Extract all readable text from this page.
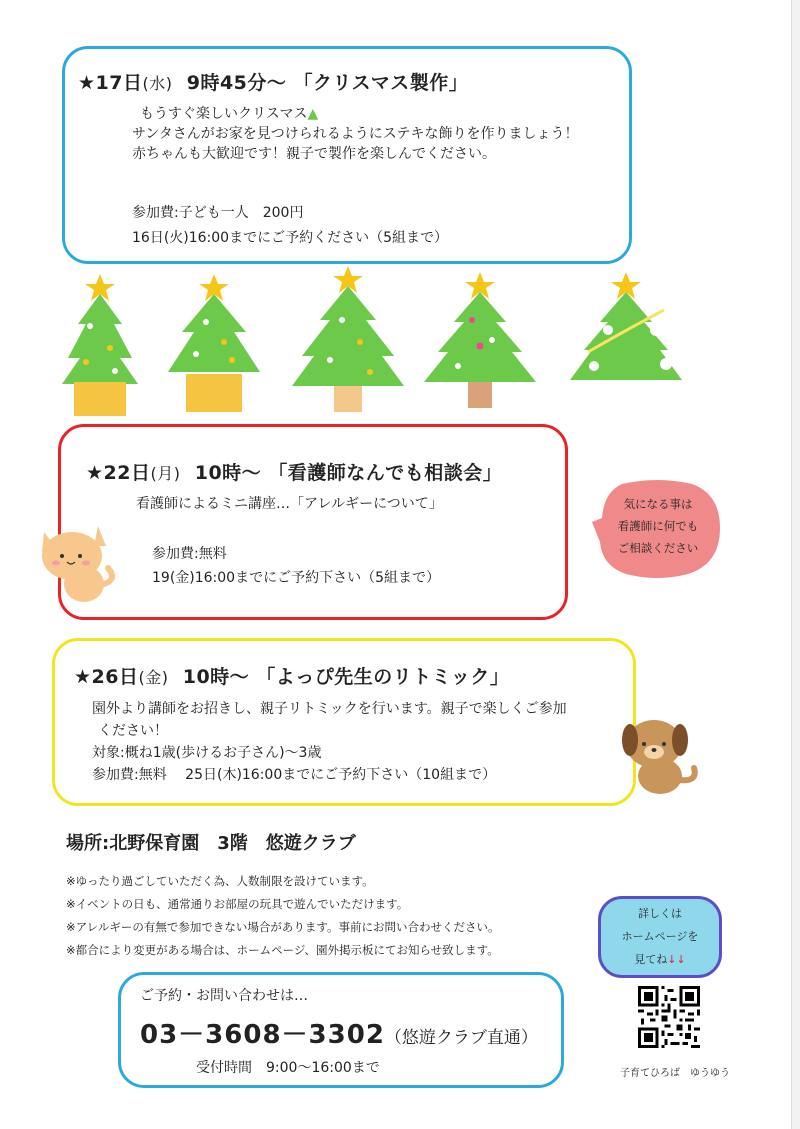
★17日(水) 9時45分～ 「クリスマス製作」
もうすぐ楽しいクリスマス▲
サンタさんがお家を見つけられるようにステキな飾りを作りましょう！
赤ちゃんも大歓迎です！親子で製作を楽しんでください。
参加費:子ども一人　200円
16日(火)16:00までにご予約ください（5組まで）
★22日(月) 10時～ 「看護師なんでも相談会」
看護師によるミニ講座…「アレルギーについて」
参加費:無料
19(金)16:00までにご予約下さい（5組まで）
気になる事は
看護師に何でも
ご相談ください
★26日(金) 10時～ 「よっぴ先生のリトミック」
園外より講師をお招きし、親子リトミックを行います。親子で楽しくご参加
ください！
対象:概ね1歳(歩けるお子さん)～3歳
参加費:無料　 25日(木)16:00までにご予約下さい（10組まで）
場所:北野保育園　3階　悠遊クラブ
※ゆったり過ごしていただく為、人数制限を設けています。
※イベントの日も、通常通りお部屋の玩具で遊んでいただけます。
※アレルギーの有無で参加できない場合があります。事前にお問い合わせください。
※都合により変更がある場合は、ホームページ、園外掲示板にてお知らせ致します。
詳しくは
ホームページを
見てね↓↓
ご予約・お問い合わせは…
03－3608－3302（悠遊クラブ直通）
受付時間　9:00～16:00まで	子育てひろば　ゆうゆう
